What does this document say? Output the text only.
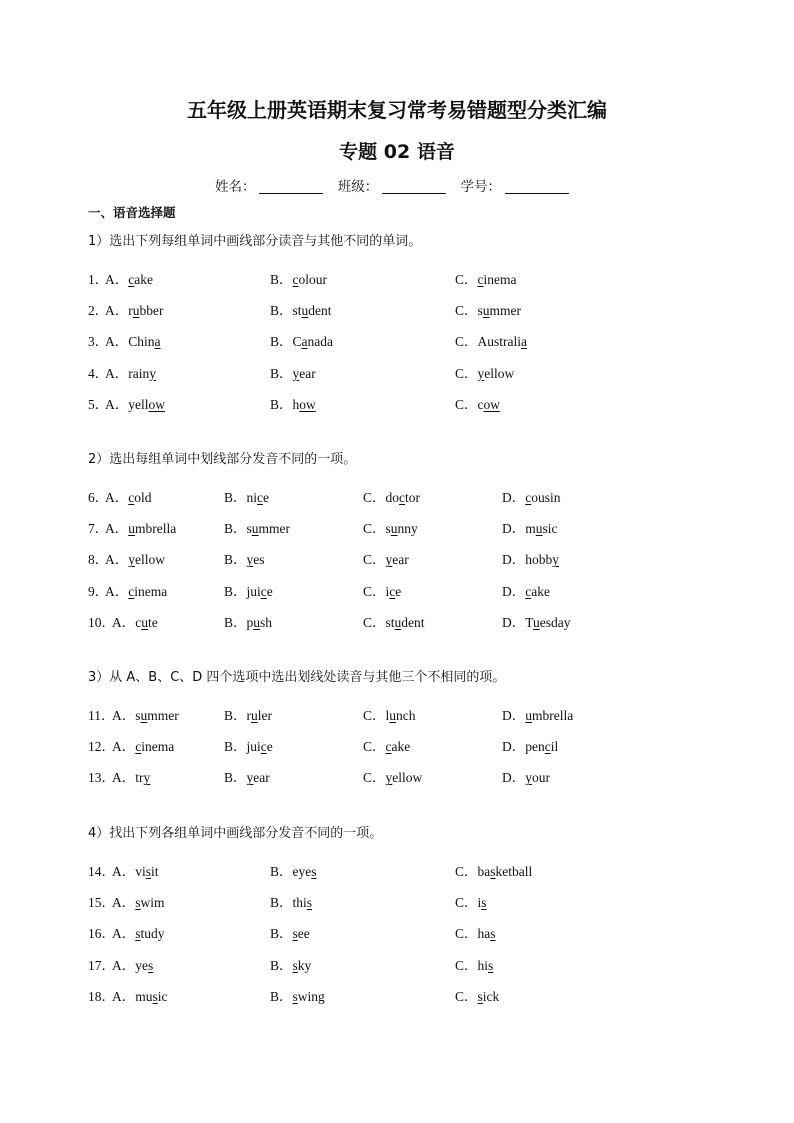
五年级上册英语期末复习常考易错题型分类汇编
专题 02 语音
姓名：	班级：	学号：
一、语音选择题
1）选出下列每组单词中画线部分读音与其他不同的单词。
1．
A．cake	B．colour	C．cinema
2．
A．rubber	B．student	C．summer
3．
A．China	B．Canada	C．Australia
4．
A．rainy	B．year	C．yellow
5．
A．yellow	B．how	C．cow
2）选出每组单词中划线部分发音不同的一项。
6．
A．cold	B．nice	C．doctor	D．cousin
7．
A．umbrella	B．summer	C．sunny	D．music
8．
A．yellow	B．yes	C．year	D．hobby
9．
A．cinema	B．juice	C．ice	D．cake
10．
A．cute	B．push	C．student	D．Tuesday
3）从 A、B、C、D 四个选项中选出划线处读音与其他三个不相同的项。
11．
A．summer	B．ruler	C．lunch	D．umbrella
12．
A．cinema	B．juice	C．cake	D．pencil
13．
A．try	B．year	C．yellow	D．your
4）找出下列各组单词中画线部分发音不同的一项。
14．
A．visit	B．eyes	C．basketball
15．
A．swim	B．this	C．is
16．
A．study	B．see	C．has
17．
A．yes	B．sky	C．his
18．
A．music	B．swing	C．sick
